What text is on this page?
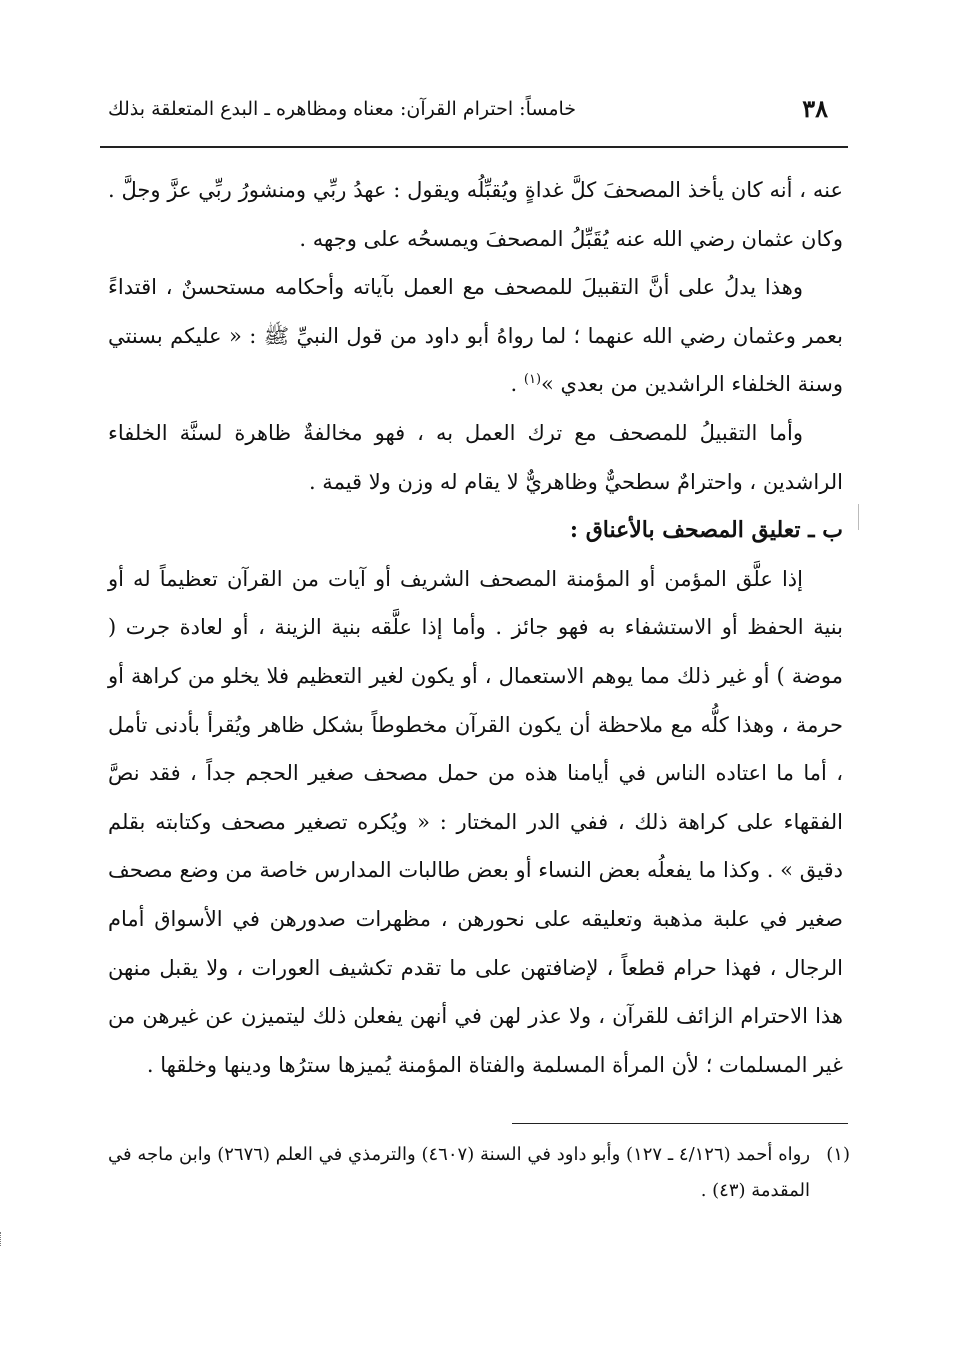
٣٨
خامساً: احترام القرآن: معناه ومظاهره ـ البدع المتعلقة بذلك

عنه ، أنه كان يأخذ المصحفَ كلَّ غداةٍ ويُقبِّلُه ويقول : عهدُ ربِّي ومنشورُ ربِّي عزَّ وجلَّ . وكان عثمان رضي الله عنه يُقَبِّلُ المصحفَ ويمسحُه على وجهه .

وهذا يدلُ على أنَّ التقبيلَ للمصحف مع العمل بآياته وأحكامه مستحسنٌ ، اقتداءً بعمر وعثمان رضي الله عنهما ؛ لما رواهُ أبو داود من قول النبيِّ ﷺ : « عليكم بسنتي وسنة الخلفاء الراشدين من بعدي »$^{(١)}$ .

وأما التقبيلُ للمصحف مع ترك العمل به ، فهو مخالفةٌ ظاهرة لسنَّة الخلفاء الراشدين ، واحترامٌ سطحيٌّ وظاهريٌّ لا يقام له وزن ولا قيمة .

ب ـ تعليق المصحف بالأعناق :

إذا علَّق المؤمن أو المؤمنة المصحف الشريف أو آيات من القرآن تعظيماً له أو بنية الحفظ أو الاستشفاء به فهو جائز . وأما إذا علَّقه بنية الزينة ، أو لعادة جرت ( موضة ) أو غير ذلك مما يوهم الاستعمال ، أو يكون لغير التعظيم فلا يخلو من كراهة أو حرمة ، وهذا كلُّه مع ملاحظة أن يكون القرآن مخطوطاً بشكل ظاهر ويُقرأ بأدنى تأمل ، أما ما اعتاده الناس في أيامنا هذه من حمل مصحف صغير الحجم جداً ، فقد نصَّ الفقهاء على كراهة ذلك ، ففي الدر المختار : « ويُكره تصغير مصحف وكتابته بقلم دقيق » . وكذا ما يفعلُه بعض النساء أو بعض طالبات المدارس خاصة من وضع مصحف صغير في علبة مذهبة وتعليقه على نحورهن ، مظهرات صدورهن في الأسواق أمام الرجال ، فهذا حرام قطعاً ، لإضافتهن على ما تقدم تكشيف العورات ، ولا يقبل منهن هذا الاحترام الزائف للقرآن ، ولا عذر لهن في أنهن يفعلن ذلك ليتميزن عن غيرهن من غير المسلمات ؛ لأن المرأة المسلمة والفتاة المؤمنة يُميزها سترُها ودينها وخلقها .

(١)
رواه أحمد (٤/١٢٦ ـ ١٢٧) وأبو داود في السنة (٤٦٠٧) والترمذي في العلم (٢٦٧٦) وابن ماجه في المقدمة (٤٣) .
